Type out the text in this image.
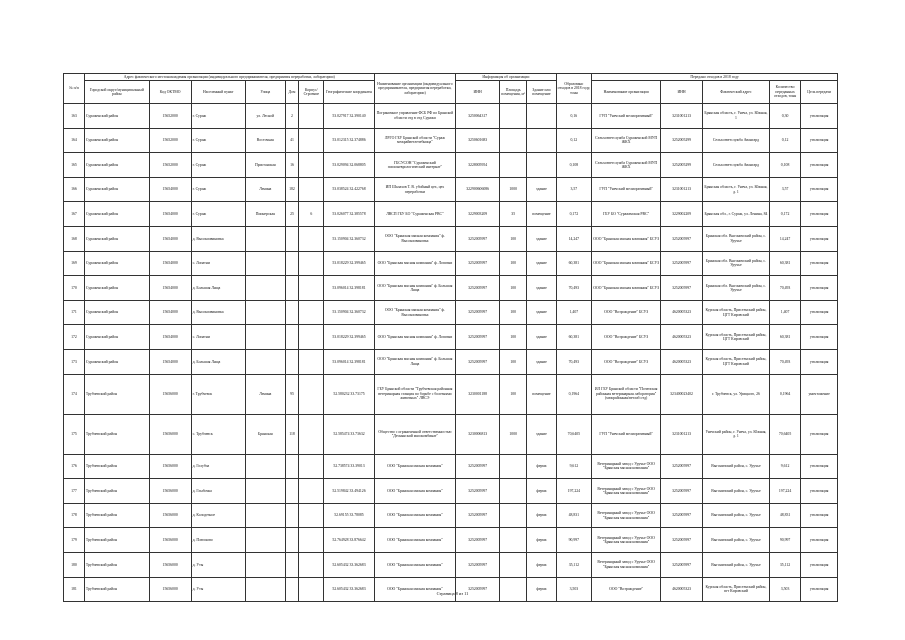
№ п/п	Адрес фактического местонахождения организации (индивидуального предпринимателя, предприятия переработки, лаборатории)							Наименование организации (индивидуального предпринимателя, предприятия переработки, лаборатории)	Информация об организации			Образовано отходов в 2018 году, тонн	Передано отходов в 2018 году				
	Городской округ/муниципальный район	Код ОКТМО	Населенный пункт	Улица	Дом	Корпус/Строение	Географические координаты		ИНН	Площадь помещения, м²	Здание или помещение		Наименование организации	ИНН	Фактический адрес	Количество переданных отходов, тонн	Цель передачи
163	Сураженский район	15652000	г. Сураж	ул. Лесной	2		53.027917 32.390140	Пограничное управление ФСБ РФ по Брянской области отд в отд Суражи	3250064317			0,16	ГУП "Унечский мелиоративный"	3231001213	Брянская область, г. Унеча, ул. Южная, 1	0,30	утилизация
164	Сураженский район	15652000	г. Сураж	Восточная	41		53.012315 32.374886	ЛРГО ГБУ Брянской области "Сураж межрайветлечебница"	3250601683			0,12	Сельхозветслужба Сураженской МУП ЖКХ	3252005299	Сельхозветслужба Авангард	0,12	утилизация
165	Сураженский район	15652000	г. Сураж	Пристанская	16		53.029094 32.068805	ГБСУСОН "Сураженский психоневрологический интернат"	3228005954			0,108	Сельхозветслужба Сураженской МУП ЖКХ	3252005299	Сельхозветслужба Авангард	0,108	утилизация
166	Сураженский район	15654000	г. Сураж	Ленина	182		53.038524 32.422768	ИП Шалахов Т. В. убойный цех, цех переработки	322900606086	1000	здание	3,57	ГУП "Унечский мелиоративный"	3231001213	Брянская область, г. Унеча, ул. Южная, д. 1	3,57	утилизация
167	Сураженский район	15654000	г. Сураж	Пионерская	25	6	53.026077 32.385578	ЛВСП ГБУ БО "Сураженская РВС"	3229003209	35	помещение	0,172	ГБУ БО "Сураженская РВС"	3229002209	Брянская обл., г. Сураж, ул. Ленина, 84	0,172	утилизация
168	Сураженский район	15654000	д. Высокоовиновка				53.150904 32.360732	ООО "Брянская мясная компания" ф. Высокоовиновка	3252005997	100	здание	14,247	ООО "Брянская мясная компания" БСУЗ	3252005997	Брянская обл. Выгоничский район, с. Уручье	14,247	утилизация
169	Сураженский район	15654000	с. Лопатни				53.018229 32.399465	ООО "Брянская мясная компания" ф. Лопатни	3252005997	100	здание	60,381	ООО "Брянская мясная компания" БСУЗ	3252005997	Брянская обл. Выгоничский район, с. Уручье	60,381	утилизация
170	Сураженский район	15654000	д. Большая Ляща				53.096014 32.398181	ООО "Брянская мясная компания" ф. Большая Ляща	3252005997	100	здание	70,493	ООО "Брянская мясная компания" БСУЗ	3252005997	Брянская обл. Выгоничский район, с. Уручье	70,493	утилизация
171	Сураженский район	15654000	д. Высокоовиновка				53.150904 32.360732	ООО "Брянская мясная компания" ф. Высокоовиновка	3252005997	100	здание	1,407	ООО "Возрождение" БСУЗ	4620005323	Курская область, Пристенский район, ЦГТ Кировский	1,407	утилизация
172	Сураженский район	15654000	с. Лопатни				53.018229 32.399465	ООО "Брянская мясная компания" ф. Лопатни	3252005997	100	здание	60,381	ООО "Возрождение" БСУЗ	4620005323	Курская область, Пристенский район, ЦГТ Кировский	60,381	утилизация
173	Сураженский район	15654000	д. Большая Ляща				53.096014 32.398181	ООО "Брянская мясная компания" ф. Большая Ляща	3252005997	100	здание	70,493	ООО "Возрождение" БСУЗ	4620005323	Курская область, Пристенский район, ЦГТ Кировский	70,493	утилизация
174	Трубчевский район	15656000	г. Трубчевск	Ленина	95		52.580232 33.73175	ГБУ Брянской области "Трубчевская районная ветеринарная станция по борьбе с болезнями животных" ЛВСЭ	3230001188	100	помещение	0,1964	ИЛ ГБУ Брянской области "Почепская районная ветеринарная лаборатория" (межрайонная/ветлаб отд)	323400023402	г. Трубчевск, ул. Урицкого, 26	0,1964	уничтожение
175	Трубчевский район	15656000	с. Трубчевск	Брянская	118		52.585474 33.73632	Общество с ограниченной ответственностью "Деснянский мясокомбинат"	3230006813	1000	здание	70,6405	ГУП "Унечский мелиоративный"	3231001213	Унечский район, г. Унеча, ул. Южная, д. 1	70,6405	утилизация
176	Трубчевский район	15656000	д. Голубча				52.738574 33.39013	ООО "Брянская мясная компания"	3252005997		ферма	9,612	Ветеринарный завод с Уручье ООО "Брянская мясная компания"	3252005997	Выгоничский район, с. Уручье	9,612	утилизация
177	Трубчевский район	15656000	д. Глыбочка				52.519842 33.494126	ООО "Брянская мясная компания"	3252005997		ферма	197,224	Ветеринарный завод с Уручье ООО "Брянская мясная компания"	3252005997	Выгоничский район, с. Уручье	197,224	утилизация
178	Трубчевский район	15656000	д. Колодезное				52.69155 33.78085	ООО "Брянская мясная компания"	3252005997		ферма	48,831	Ветеринарный завод с Уручье ООО "Брянская мясная компания"	3252005997	Выгоничский район, с. Уручье	48,831	утилизация
179	Трубчевский район	15656000	д. Плюсково				52.764928 33.876642	ООО "Брянская мясная компания"	3252005997		ферма	90,997	Ветеринарный завод с Уручье ООО "Брянская мясная компания"	3252005997	Выгоничский район, с. Уручье	90,997	утилизация
180	Трубчевский район	15656000	д. Уты				52.605432 33.362683	ООО "Брянская мясная компания"	3252005997		ферма	35,112	Ветеринарный завод с Уручье ООО "Брянская мясная компания"	3252005997	Выгоничский район, с. Уручье	35,112	утилизация
181	Трубчевский район	15656000	д. Уты				52.605432 33.362683	ООО "Брянская мясная компания"	3252005997		ферма	3,503	ООО "Возрождение"	4620005323	Курская область, Пристенский район, пгт Кировский	3,503	утилизация
Страница 8 из 11
